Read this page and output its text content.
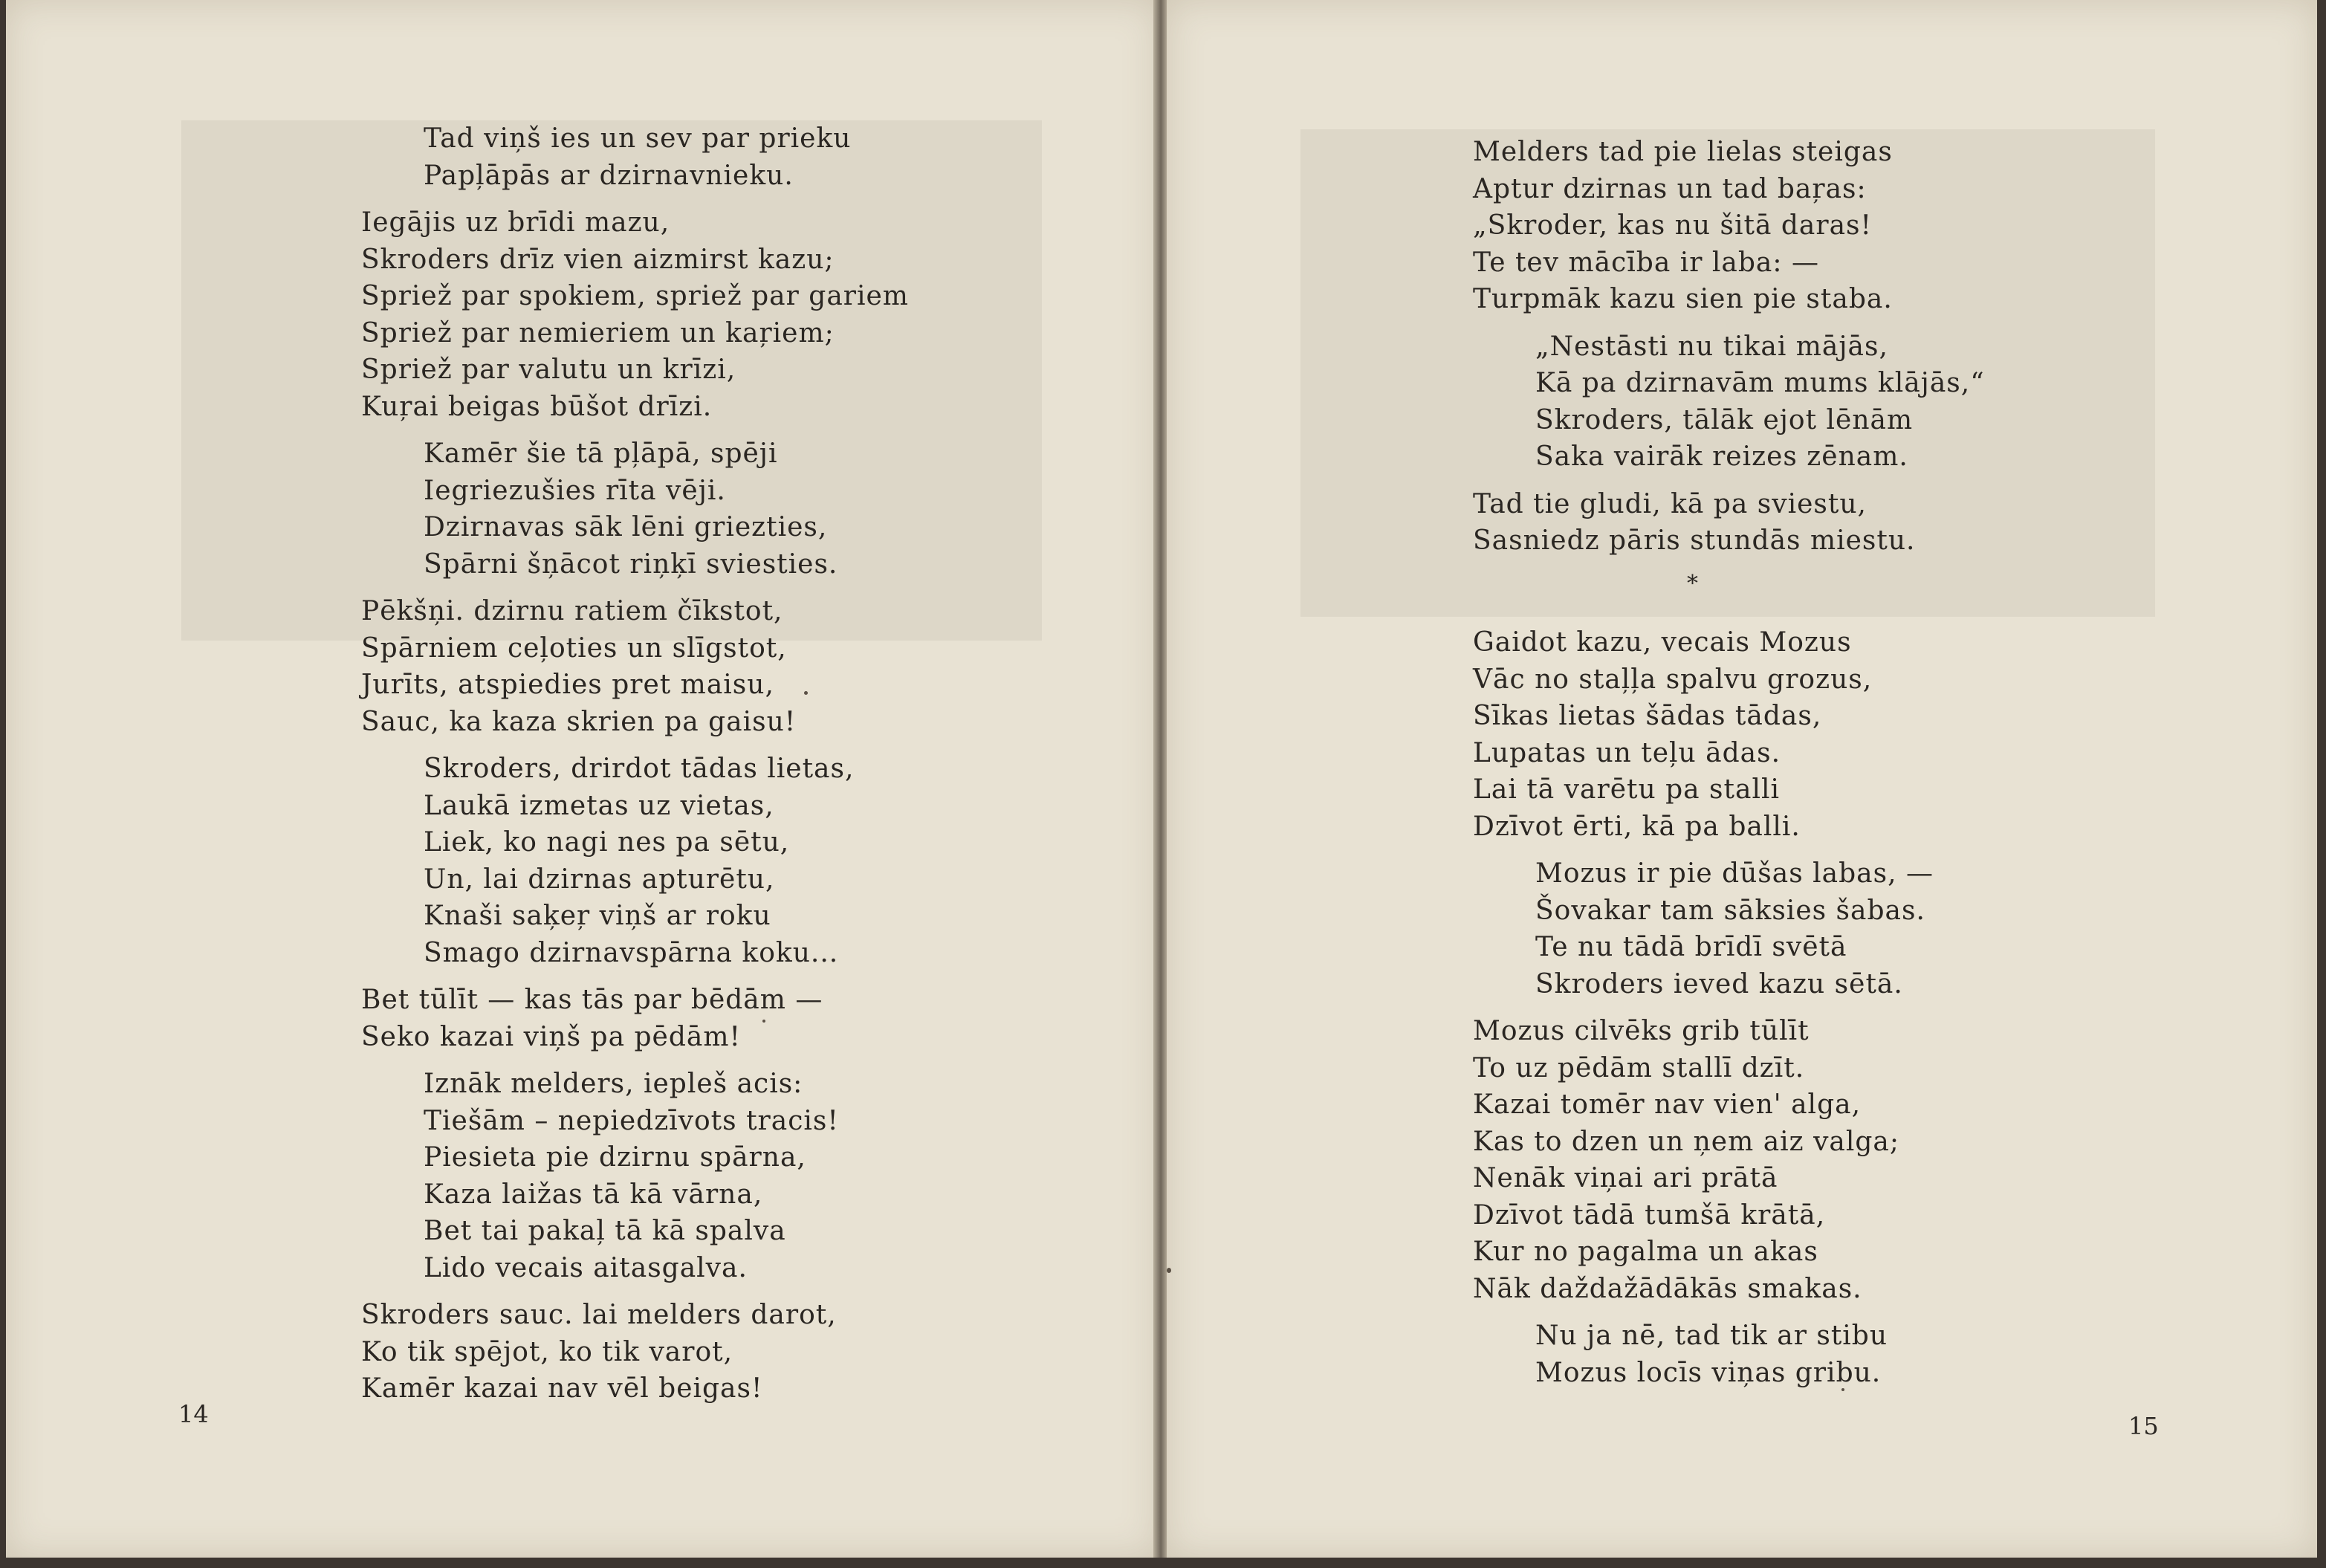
Tad viņš ies un sev par prieku
Papļāpās ar dzirnavnieku.
Iegājis uz brīdi mazu,
Skroders drīz vien aizmirst kazu;
Spriež par spokiem, spriež par gariem
Spriež par nemieriem un kaŗiem;
Spriež par valutu un krīzi,
Kuŗai beigas būšot drīzi.
Kamēr šie tā pļāpā, spēji
Iegriezušies rīta vēji.
Dzirnavas sāk lēni griezties,
Spārni šņācot riņķī sviesties.
Pēkšņi. dzirnu ratiem čīkstot,
Spārniem ceļoties un slīgstot,
Jurīts, atspiedies pret maisu,
Sauc, ka kaza skrien pa gaisu!
Skroders, drirdot tādas lietas,
Laukā izmetas uz vietas,
Liek, ko nagi nes pa sētu,
Un, lai dzirnas apturētu,
Knaši saķeŗ viņš ar roku
Smago dzirnavspārna koku...
Bet tūlīt — kas tās par bēdām —
Seko kazai viņš pa pēdām!
Iznāk melders, iepleš acis:
Tiešām – nepiedzīvots tracis!
Piesieta pie dzirnu spārna,
Kaza laižas tā kā vārna,
Bet tai pakaļ tā kā spalva
Lido vecais aitasgalva.
Skroders sauc. lai melders darot,
Ko tik spējot, ko tik varot,
Kamēr kazai nav vēl beigas!
14
Melders tad pie lielas steigas
Aptur dzirnas un tad baŗas:
„Skroder, kas nu šitā daras!
Te tev mācība ir laba: —
Turpmāk kazu sien pie staba.
„Nestāsti nu tikai mājās,
Kā pa dzirnavām mums klājās,“
Skroders, tālāk ejot lēnām
Saka vairāk reizes zēnam.
Tad tie gludi, kā pa sviestu,
Sasniedz pāris stundās miestu.
*
Gaidot kazu, vecais Mozus
Vāc no staļļa spalvu grozus,
Sīkas lietas šādas tādas,
Lupatas un teļu ādas.
Lai tā varētu pa stalli
Dzīvot ērti, kā pa balli.
Mozus ir pie dūšas labas, —
Šovakar tam sāksies šabas.
Te nu tādā brīdī svētā
Skroders ieved kazu sētā.
Mozus cilvēks grib tūlīt
To uz pēdām stallī dzīt.
Kazai tomēr nav vien' alga,
Kas to dzen un ņem aiz valga;
Nenāk viņai ari prātā
Dzīvot tādā tumšā krātā,
Kur no pagalma un akas
Nāk daždažādākās smakas.
Nu ja nē, tad tik ar stibu
Mozus locīs viņas gribu.
15
